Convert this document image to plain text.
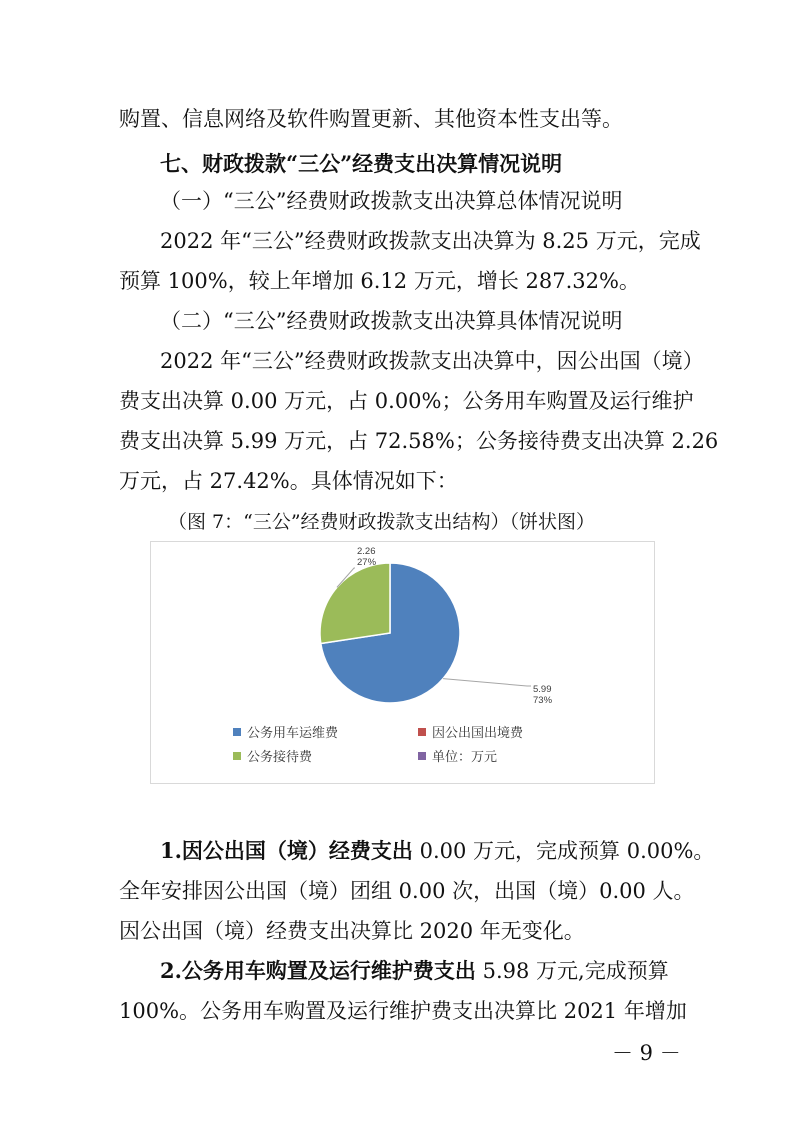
购置、信息网络及软件购置更新、其他资本性支出等。
七、财政拨款“三公”经费支出决算情况说明
（一）“三公”经费财政拨款支出决算总体情况说明
2022 年“三公”经费财政拨款支出决算为 8.25 万元，完成
预算 100%，较上年增加 6.12 万元，增长 287.32%。
（二）“三公”经费财政拨款支出决算具体情况说明
2022 年“三公”经费财政拨款支出决算中，因公出国（境）
费支出决算 0.00 万元，占 0.00%；公务用车购置及运行维护
费支出决算 5.99 万元，占 72.58%；公务接待费支出决算 2.26
万元，占 27.42%。具体情况如下：
（图 7：“三公”经费财政拨款支出结构）（饼状图）
5.99
73%
2.26
27%
公务用车运维费	因公出国出境费
公务接待费	单位：万元
1.因公出国（境）经费支出 0.00 万元，完成预算 0.00%。
全年安排因公出国（境）团组 0.00 次，出国（境）0.00 人。
因公出国（境）经费支出决算比 2020 年无变化。
2.公务用车购置及运行维护费支出 5.98 万元,完成预算
100%。公务用车购置及运行维护费支出决算比 2021 年增加
－ 9 －
